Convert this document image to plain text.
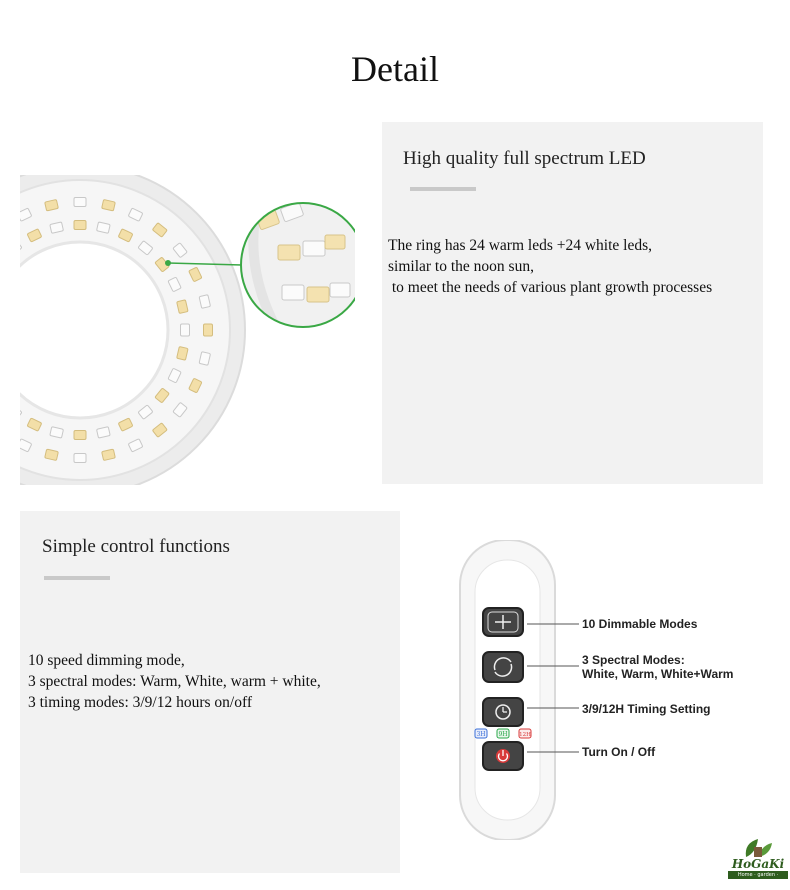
Detail
High quality full spectrum LED
The ring has 24 warm leds +24 white leds,
similar to the noon sun,
to meet the needs of various plant growth processes
Simple control functions
10 speed dimming mode,
3 spectral modes: Warm, White, warm + white,
3 timing modes: 3/9/12 hours on/off
3H 9H 12H
10 Dimmable Modes
3 Spectral Modes:
White, Warm, White+Warm
3/9/12H Timing Setting
Turn On / Off
HoGaKi
Home · garden · kitchen
